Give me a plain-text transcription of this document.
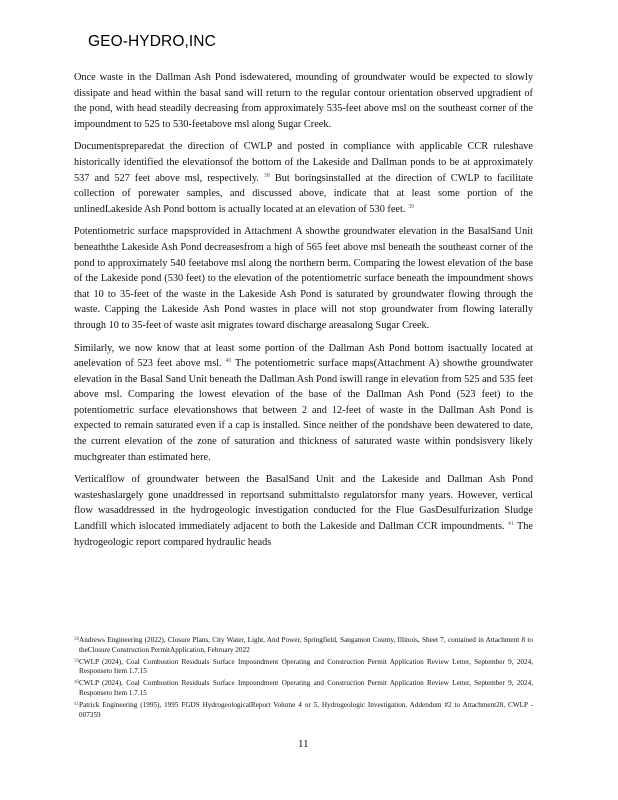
GEO-HYDRO,INC

Once waste in the Dallman Ash Pond isdewatered, mounding of groundwater would be expected to slowly dissipate and head within the basal sand will return to the regular contour orientation observed upgradient of the pond, with head steadily decreasing from approximately 535-feet above msl on the southeast corner of the impoundment to 525 to 530-feetabove msl along Sugar Creek.

Documentspreparedat the direction of CWLP and posted in compliance with applicable CCR ruleshave historically identified the elevationsof the bottom of the Lakeside and Dallman ponds to be at approximately 537 and 527 feet above msl, respectively. $^{38}$ But boringsinstalled at the direction of CWLP to facilitate collection of porewater samples, and discussed above, indicate that at least some portion of the unlinedLakeside Ash Pond bottom is actually located at an elevation of 530 feet. $^{39}$

Potentiometric surface mapsprovided in Attachment A showthe groundwater elevation in the BasalSand Unit beneaththe Lakeside Ash Pond decreasesfrom a high of 565 feet above msl beneath the southeast corner of the pond to approximately 540 feetabove msl along the northern berm. Comparing the lowest elevation of the base of the Lakeside pond (530 feet) to the elevation of the potentiometric surface beneath the impoundment shows that 10 to 35-feet of the waste in the Lakeside Ash Pond is saturated by groundwater flowing through the waste. Capping the Lakeside Ash Pond wastes in place will not stop groundwater from flowing laterally through 10 to 35-feet of waste asit migrates toward discharge areasalong Sugar Creek.

Similarly, we now know that at least some portion of the Dallman Ash Pond bottom isactually located at anelevation of 523 feet above msl. $^{40}$ The potentiometric surface maps(Attachment A) showthe groundwater elevation in the Basal Sand Unit beneath the Dallman Ash Pond iswill range in elevation from 525 and 535 feet above msl. Comparing the lowest elevation of the base of the Dallman Ash Pond (523 feet) to the potentiometric surface elevationshows that between 2 and 12-feet of waste in the Dallman Ash Pond is expected to remain saturated even if a cap is installed. Since neither of the pondshave been dewatered to date, the current elevation of the zone of saturation and thickness of saturated waste within pondsisvery likely muchgreater than estimated here.

Verticalflow of groundwater between the BasalSand Unit and the Lakeside and Dallman Ash Pond wasteshaslargely gone unaddressed in reportsand submittalsto regulatorsfor many years. However, vertical flow wasaddressed in the hydrogeologic investigation conducted for the Flue GasDesulfurization Sludge Landfill which islocated immediately adjacent to both the Lakeside and Dallman CCR impoundments. $^{41}$ The hydrogeologic report compared hydraulic heads

38 Andrews Engineering (2022), Closure Plans, City Water, Light, And Power, Springfield, Sangamon County, Illinois, Sheet 7, contained in Attachment 8 to theClosure Construction PermitApplication, February 2022
39 CWLP (2024), Coal Combustion Residuals Surface Impoundment Operating and Construction Permit Application Review Letter, September 9, 2024, Responseto Item 1.7.15
40 CWLP (2024), Coal Combustion Residuals Surface Impoundment Operating and Construction Permit Application Review Letter, September 9, 2024, Responseto Item 1.7.15
41 Patrick Engineering (1995), 1995 FGDS HydrogeologicalReport Volume 4 or 5, Hydrogeologic Investigation, Addendum #2 to Attachment28, CWLP - 007359
11
